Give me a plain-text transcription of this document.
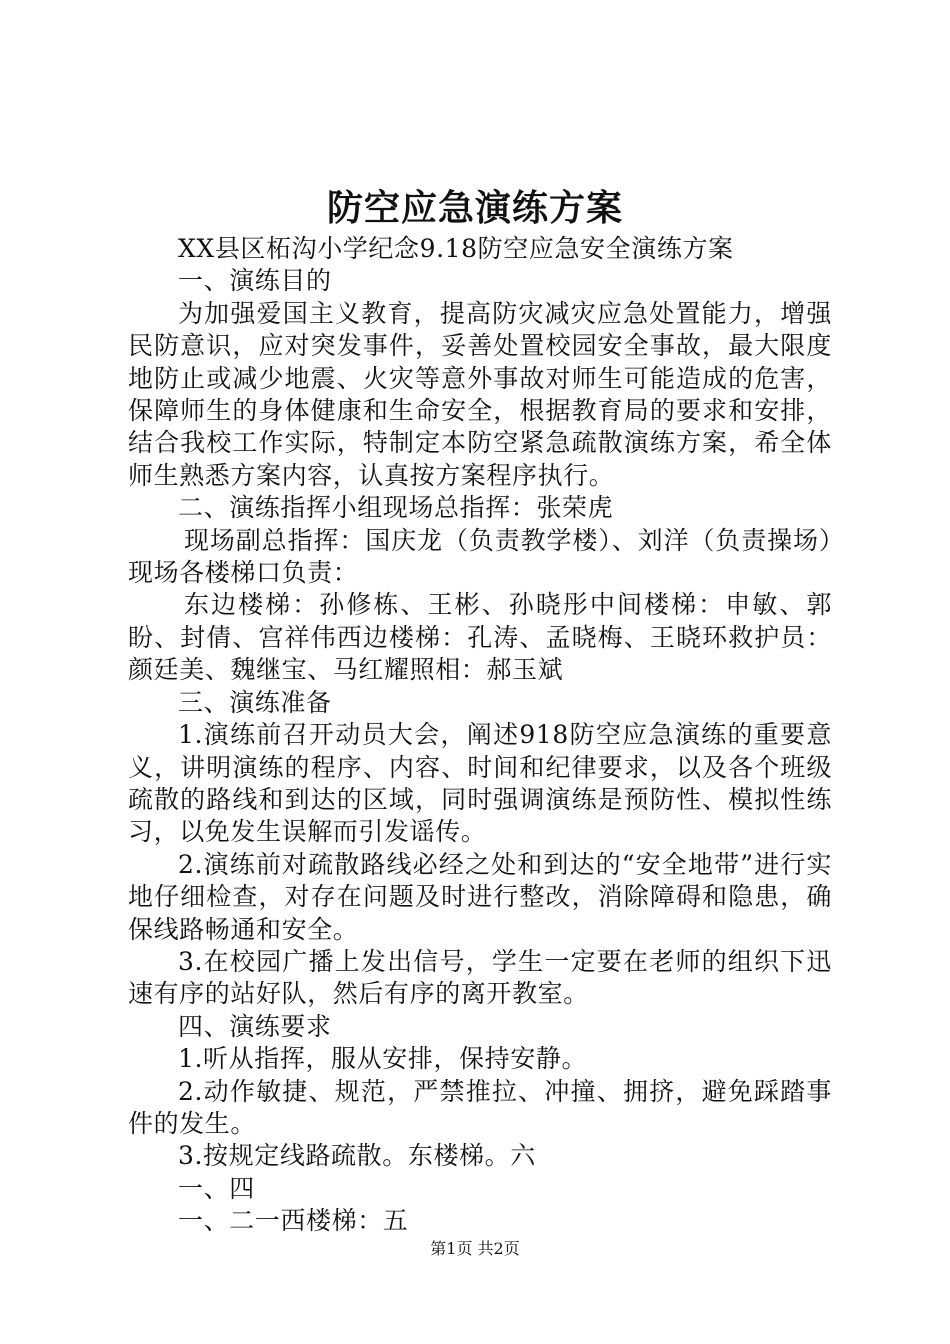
防空应急演练方案

XX县区柘沟小学纪念9.18防空应急安全演练方案

一、演练目的

为加强爱国主义教育，提高防灾减灾应急处置能力，增强民防意识，应对突发事件，妥善处置校园安全事故，最大限度地防止或减少地震、火灾等意外事故对师生可能造成的危害，保障师生的身体健康和生命安全，根据教育局的要求和安排，结合我校工作实际，特制定本防空紧急疏散演练方案，希全体师生熟悉方案内容，认真按方案程序执行。

二、演练指挥小组现场总指挥：张荣虎

现场副总指挥：国庆龙（负责教学楼）、刘洋（负责操场）现场各楼梯口负责：

东边楼梯：孙修栋、王彬、孙晓彤中间楼梯：申敏、郭盼、封倩、宫祥伟西边楼梯：孔涛、孟晓梅、王晓环救护员：颜廷美、魏继宝、马红耀照相：郝玉斌

三、演练准备

1.演练前召开动员大会，阐述918防空应急演练的重要意义，讲明演练的程序、内容、时间和纪律要求，以及各个班级疏散的路线和到达的区域，同时强调演练是预防性、模拟性练习，以免发生误解而引发谣传。

2.演练前对疏散路线必经之处和到达的“安全地带”进行实地仔细检查，对存在问题及时进行整改，消除障碍和隐患，确保线路畅通和安全。

3.在校园广播上发出信号，学生一定要在老师的组织下迅速有序的站好队，然后有序的离开教室。

四、演练要求

1.听从指挥，服从安排，保持安静。

2.动作敏捷、规范，严禁推拉、冲撞、拥挤，避免踩踏事件的发生。

3.按规定线路疏散。东楼梯。六

一、四

一、二一西楼梯：五

第1页 共2页
